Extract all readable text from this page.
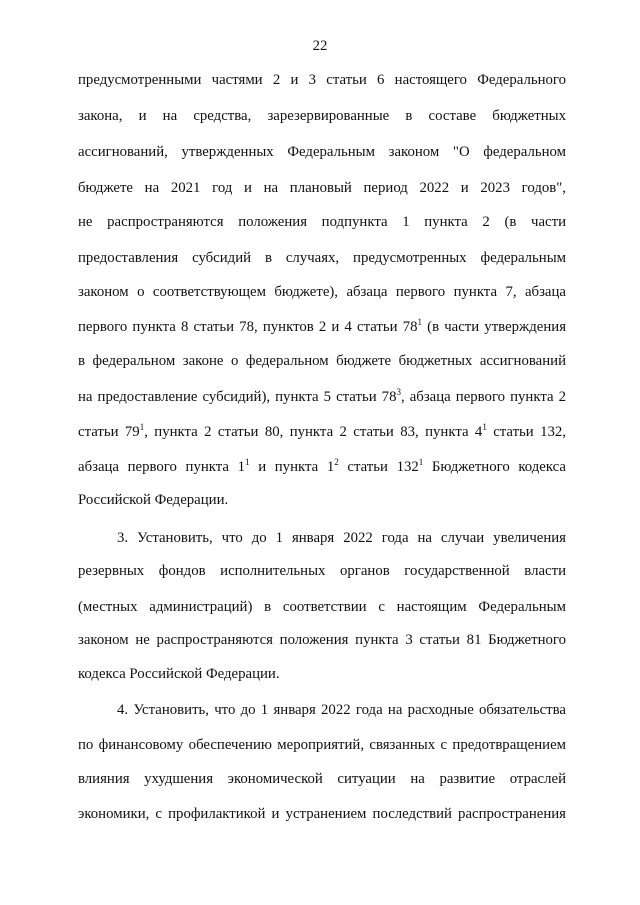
22
предусмотренными частями 2 и 3 статьи 6 настоящего Федерального
закона, и на средства, зарезервированные в составе бюджетных
ассигнований, утвержденных Федеральным законом "О федеральном
бюджете на 2021 год и на плановый период 2022 и 2023 годов",
не распространяются положения подпункта 1 пункта 2 (в части
предоставления субсидий в случаях, предусмотренных федеральным
законом о соответствующем бюджете), абзаца первого пункта 7, абзаца
первого пункта 8 статьи 78, пунктов 2 и 4 статьи $78^1$ (в части утверждения
в федеральном законе о федеральном бюджете бюджетных ассигнований
на предоставление субсидий), пункта 5 статьи $78^3$, абзаца первого пункта 2
статьи $79^1$, пункта 2 статьи 80, пункта 2 статьи 83, пункта $4^1$ статьи 132,
абзаца первого пункта $1^1$ и пункта $1^2$ статьи $132^1$ Бюджетного кодекса
Российской Федерации.
3. Установить, что до 1 января 2022 года на случаи увеличения
резервных фондов исполнительных органов государственной власти
(местных администраций) в соответствии с настоящим Федеральным
законом не распространяются положения пункта 3 статьи 81 Бюджетного
кодекса Российской Федерации.
4. Установить, что до 1 января 2022 года на расходные обязательства
по финансовому обеспечению мероприятий, связанных с предотвращением
влияния ухудшения экономической ситуации на развитие отраслей
экономики, с профилактикой и устранением последствий распространения
